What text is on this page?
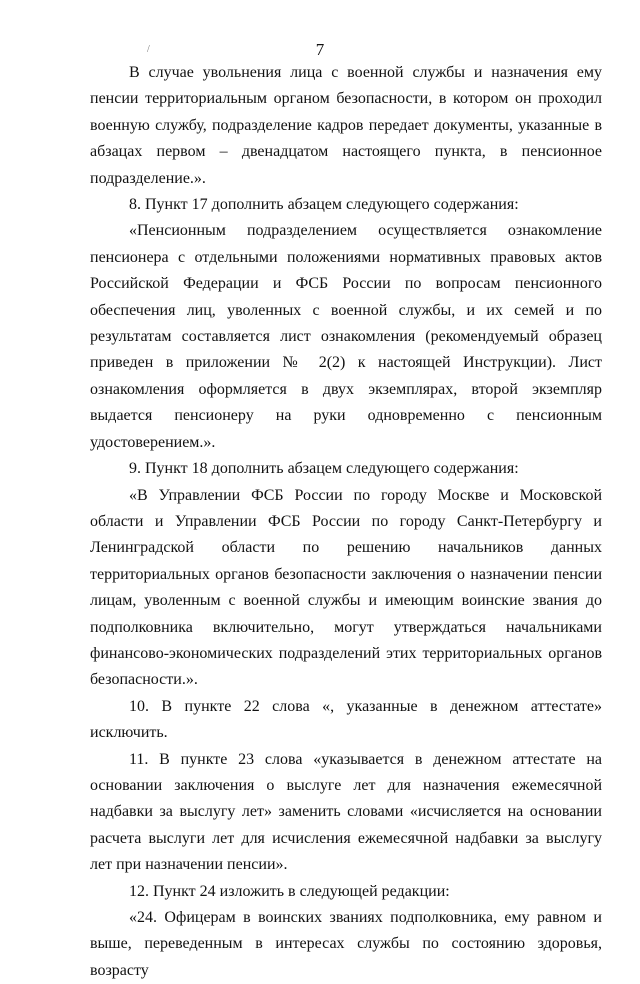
/	7

В случае увольнения лица с военной службы и назначения ему пенсии территориальным органом безопасности, в котором он проходил военную службу, подразделение кадров передает документы, указанные в абзацах первом – двенадцатом настоящего пункта, в пенсионное подразделение.».

8. Пункт 17 дополнить абзацем следующего содержания:

«Пенсионным подразделением осуществляется ознакомление пенсионера с отдельными положениями нормативных правовых актов Российской Федерации и ФСБ России по вопросам пенсионного обеспечения лиц, уволенных с военной службы, и их семей и по результатам составляется лист ознакомления (рекомендуемый образец приведен в приложении № 2(2) к настоящей Инструкции). Лист ознакомления оформляется в двух экземплярах, второй экземпляр выдается пенсионеру на руки одновременно с пенсионным удостоверением.».

9. Пункт 18 дополнить абзацем следующего содержания:

«В Управлении ФСБ России по городу Москве и Московской области и Управлении ФСБ России по городу Санкт-Петербургу и Ленинградской области по решению начальников данных территориальных органов безопасности заключения о назначении пенсии лицам, уволенным с военной службы и имеющим воинские звания до подполковника включительно, могут утверждаться начальниками финансово-экономических подразделений этих территориальных органов безопасности.».

10. В пункте 22 слова «, указанные в денежном аттестате» исключить.

11. В пункте 23 слова «указывается в денежном аттестате на основании заключения о выслуге лет для назначения ежемесячной надбавки за выслугу лет» заменить словами «исчисляется на основании расчета выслуги лет для исчисления ежемесячной надбавки за выслугу лет при назначении пенсии».

12. Пункт 24 изложить в следующей редакции:

«24. Офицерам в воинских званиях подполковника, ему равном и выше, переведенным в интересах службы по состоянию здоровья, возрасту
